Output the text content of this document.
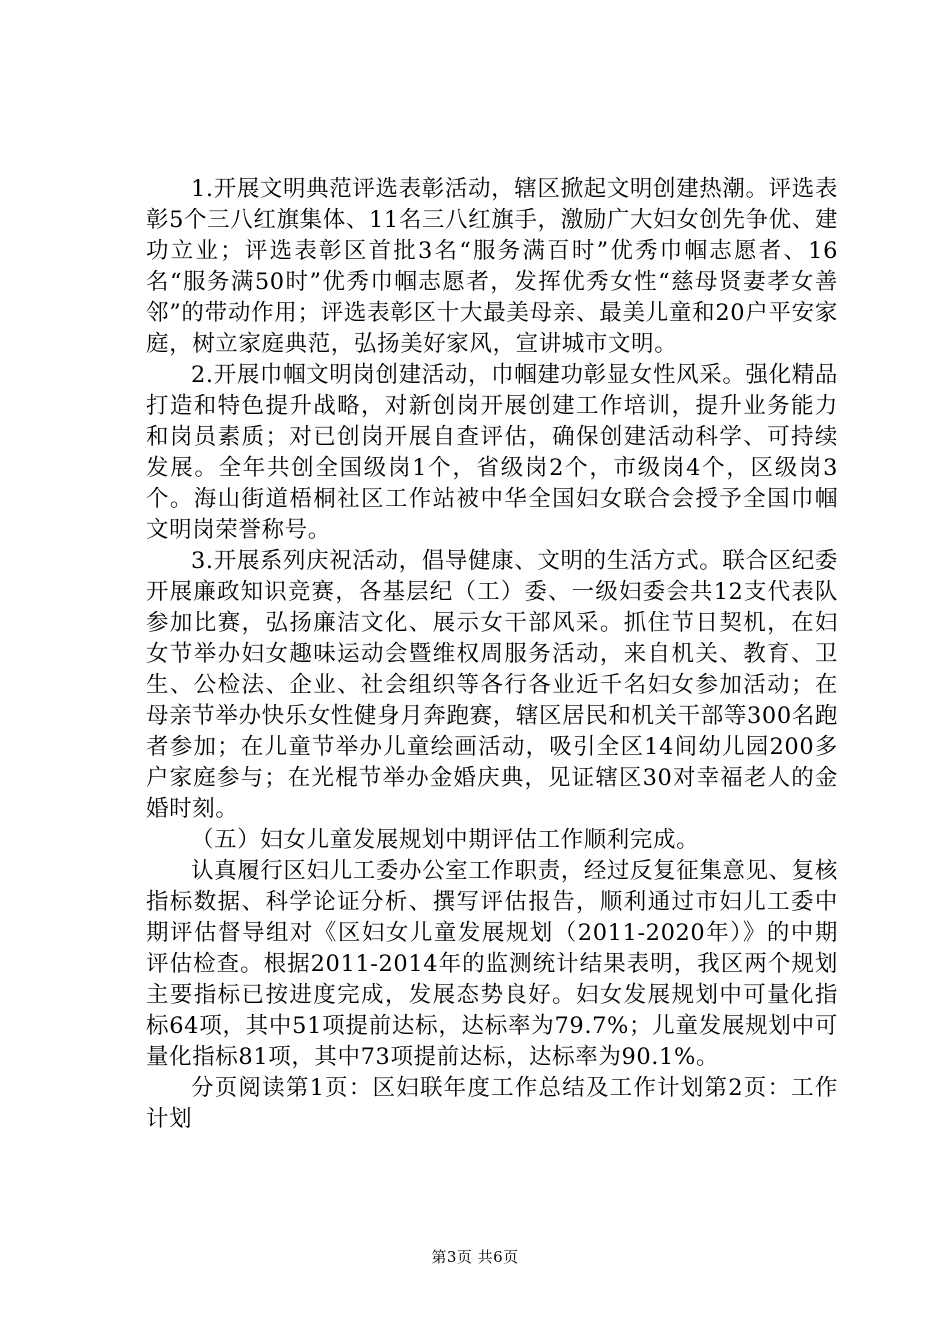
1.开展文明典范评选表彰活动，辖区掀起文明创建热潮。评选表彰5个三八红旗集体、11名三八红旗手，激励广大妇女创先争优、建功立业；评选表彰区首批3名“服务满百时”优秀巾帼志愿者、16名“服务满50时”优秀巾帼志愿者，发挥优秀女性“慈母贤妻孝女善邻”的带动作用；评选表彰区十大最美母亲、最美儿童和20户平安家庭，树立家庭典范，弘扬美好家风，宣讲城市文明。

2.开展巾帼文明岗创建活动，巾帼建功彰显女性风采。强化精品打造和特色提升战略，对新创岗开展创建工作培训，提升业务能力和岗员素质；对已创岗开展自查评估，确保创建活动科学、可持续发展。全年共创全国级岗1个，省级岗2个，市级岗4个，区级岗3个。海山街道梧桐社区工作站被中华全国妇女联合会授予全国巾帼文明岗荣誉称号。

3.开展系列庆祝活动，倡导健康、文明的生活方式。联合区纪委开展廉政知识竞赛，各基层纪（工）委、一级妇委会共12支代表队参加比赛，弘扬廉洁文化、展示女干部风采。抓住节日契机，在妇女节举办妇女趣味运动会暨维权周服务活动，来自机关、教育、卫生、公检法、企业、社会组织等各行各业近千名妇女参加活动；在母亲节举办快乐女性健身月奔跑赛，辖区居民和机关干部等300名跑者参加；在儿童节举办儿童绘画活动，吸引全区14间幼儿园200多户家庭参与；在光棍节举办金婚庆典，见证辖区30对幸福老人的金婚时刻。

（五）妇女儿童发展规划中期评估工作顺利完成。

认真履行区妇儿工委办公室工作职责，经过反复征集意见、复核指标数据、科学论证分析、撰写评估报告，顺利通过市妇儿工委中期评估督导组对《区妇女儿童发展规划（2011-2020年）》的中期评估检查。根据2011-2014年的监测统计结果表明，我区两个规划主要指标已按进度完成，发展态势良好。妇女发展规划中可量化指标64项，其中51项提前达标，达标率为79.7%；儿童发展规划中可量化指标81项，其中73项提前达标，达标率为90.1%。

分页阅读第1页：区妇联年度工作总结及工作计划第2页：工作计划

第3页 共6页
